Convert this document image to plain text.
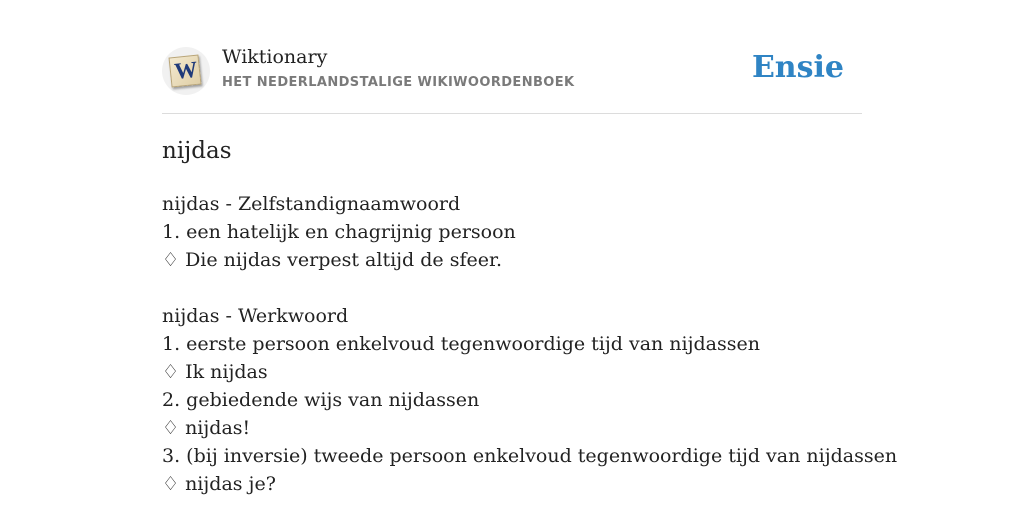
W Wiktionary
HET NEDERLANDSTALIGE WIKIWOORDENBOEK	Ensie
nijdas
nijdas - Zelfstandignaamwoord
1. een hatelijk en chagrijnig persoon
♢ Die nijdas verpest altijd de sfeer.
nijdas - Werkwoord
1. eerste persoon enkelvoud tegenwoordige tijd van nijdassen
♢ Ik nijdas
2. gebiedende wijs van nijdassen
♢ nijdas!
3. (bij inversie) tweede persoon enkelvoud tegenwoordige tijd van nijdassen
♢ nijdas je?
